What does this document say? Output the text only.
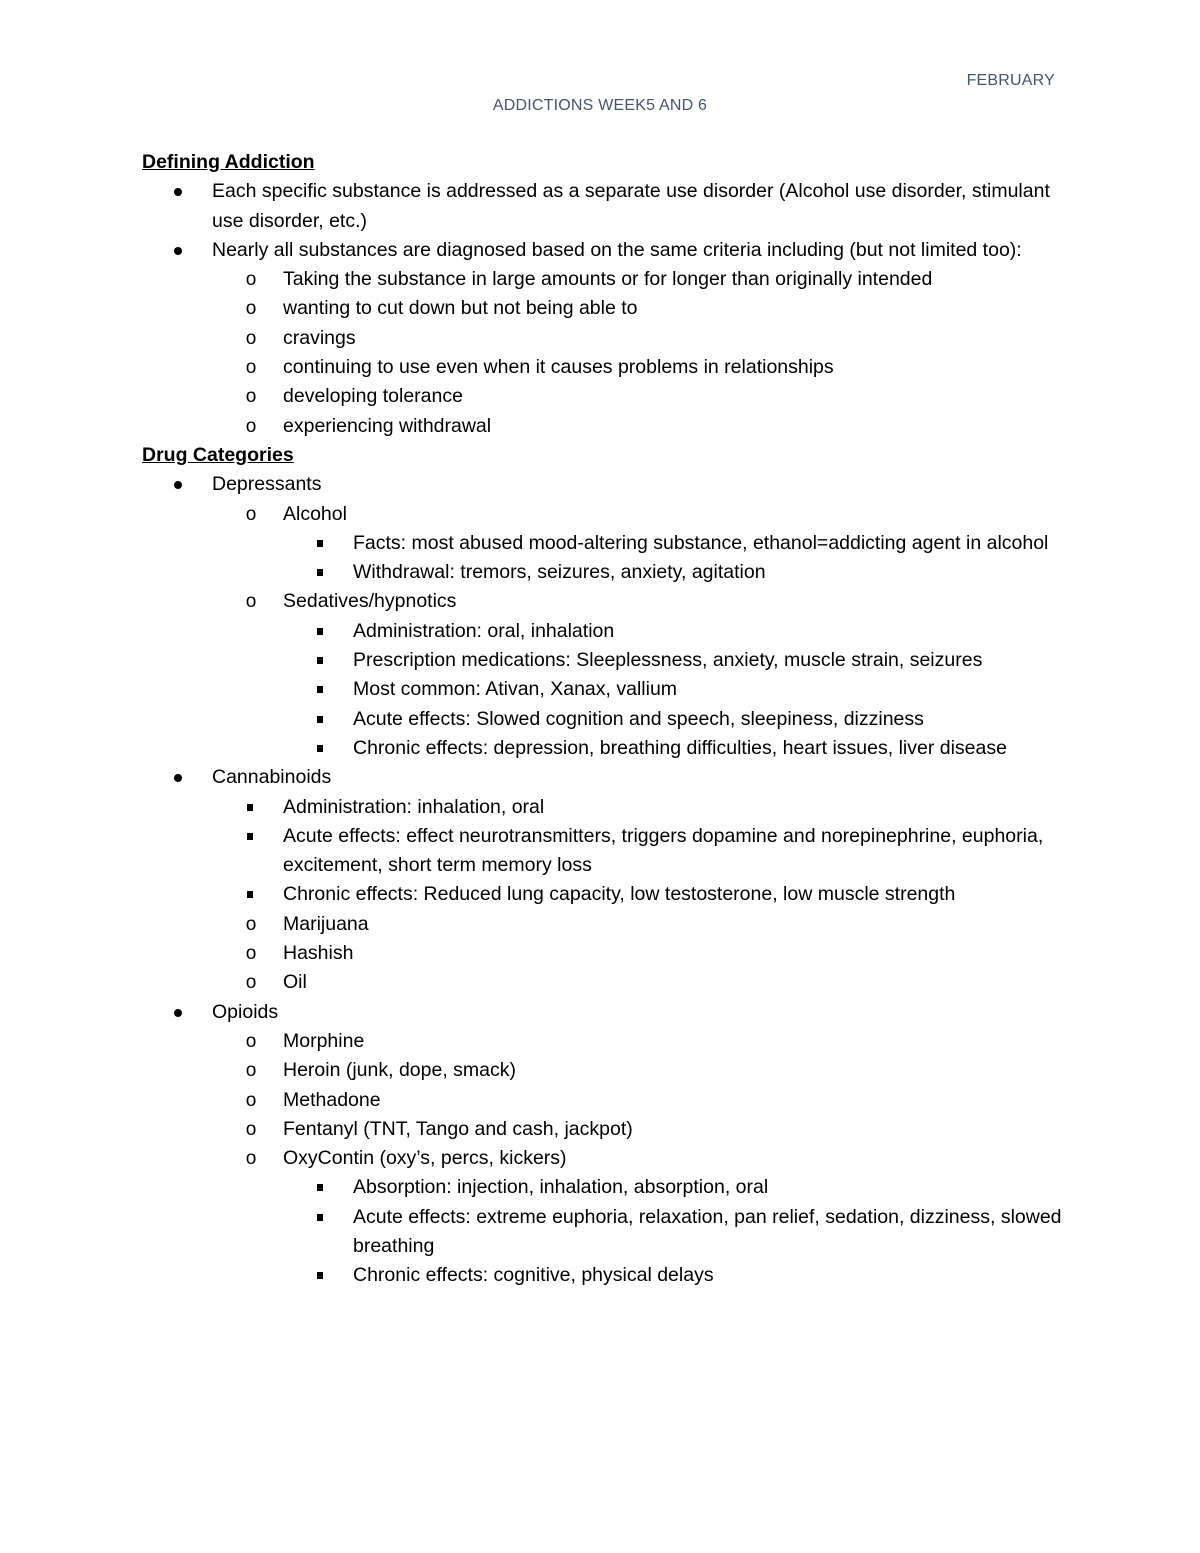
FEBRUARY
ADDICTIONS WEEK5 AND 6
Defining Addiction
Each specific substance is addressed as a separate use disorder (Alcohol use disorder, stimulant use disorder, etc.)
Nearly all substances are diagnosed based on the same criteria including (but not limited too):
o Taking the substance in large amounts or for longer than originally intended
o wanting to cut down but not being able to
o cravings
o continuing to use even when it causes problems in relationships
o developing tolerance
o experiencing withdrawal
Drug Categories
Depressants
o Alcohol
Facts: most abused mood-altering substance, ethanol=addicting agent in alcohol
Withdrawal: tremors, seizures, anxiety, agitation
o Sedatives/hypnotics
Administration: oral, inhalation
Prescription medications: Sleeplessness, anxiety, muscle strain, seizures
Most common: Ativan, Xanax, vallium
Acute effects: Slowed cognition and speech, sleepiness, dizziness
Chronic effects: depression, breathing difficulties, heart issues, liver disease
Cannabinoids
Administration: inhalation, oral
Acute effects: effect neurotransmitters, triggers dopamine and norepinephrine, euphoria, excitement, short term memory loss
Chronic effects: Reduced lung capacity, low testosterone, low muscle strength
o Marijuana
o Hashish
o Oil
Opioids
o Morphine
o Heroin (junk, dope, smack)
o Methadone
o Fentanyl (TNT, Tango and cash, jackpot)
o OxyContin (oxy’s, percs, kickers)
Absorption: injection, inhalation, absorption, oral
Acute effects: extreme euphoria, relaxation, pan relief, sedation, dizziness, slowed breathing
Chronic effects: cognitive, physical delays
